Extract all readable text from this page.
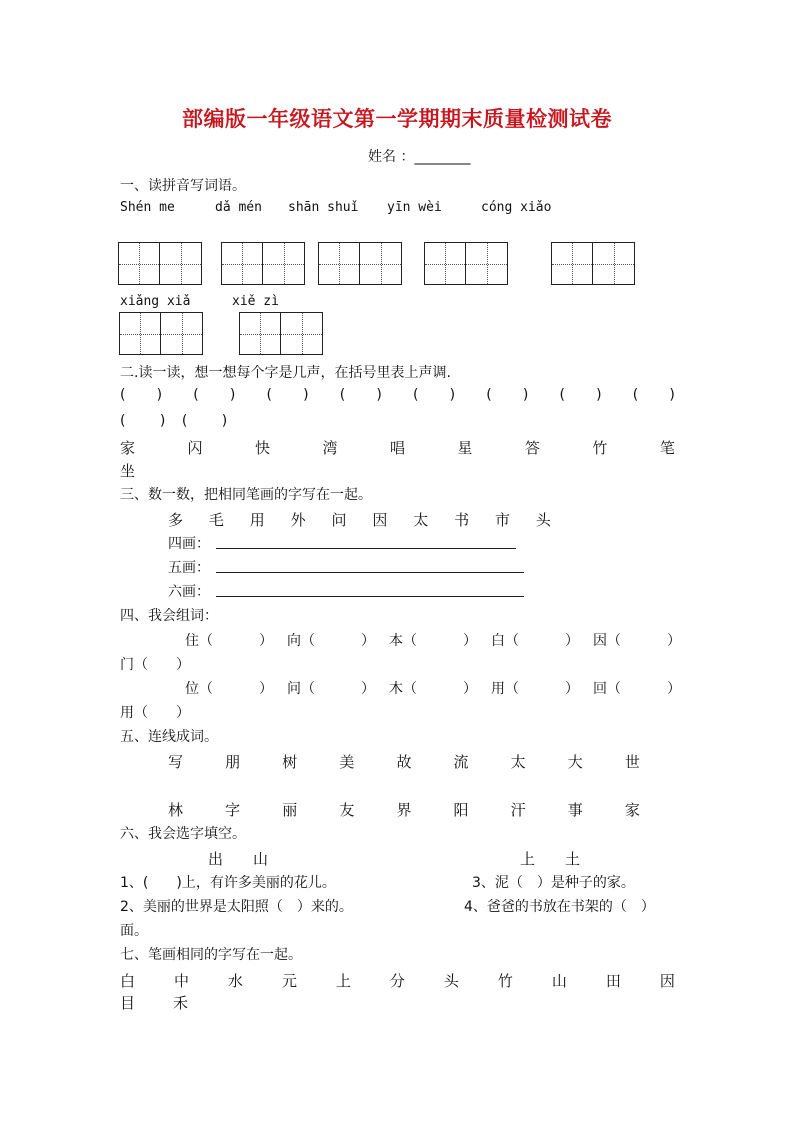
部编版一年级语文第一学期期末质量检测试卷
姓名 ：________
一、读拼音写词语。
Shén me	dǎ mén shān shuǐ yīn wèi	cóng xiǎo
xiǎng xiǎ	xiě zì
二.读一读，想一想每个字是几声，在括号里表上声调.
( ) ( ) ( ) ( ) ( ) ( ) ( ) ( )
( ) ( )
家	闪	快	湾	唱	星	答	竹	笔
坐
三、数一数，把相同笔画的字写在一起。
多 毛 用 外 问 因 太 书 市 头
四画：
五画：
六画：
四、我会组词：
住（	） 向（	） 本（	） 白（	） 因（	）
门（　　）
位（	） 问（	） 木（	） 用（	） 回（	）
用（　　）
五、连线成词。
写	朋	树	美	故	流	太	大	世
林	字	丽	友	界	阳	汗	事	家
六、我会选字填空。
出　　山	上　　土
1、(　　)上，有许多美丽的花儿。	3、泥（　）是种子的家。
2、美丽的世界是太阳照（　）来的。	4、爸爸的书放在书架的（　）
面。
七、笔画相同的字写在一起。
白	中	水	元	上	分	头	竹	山	田	因
目	禾
